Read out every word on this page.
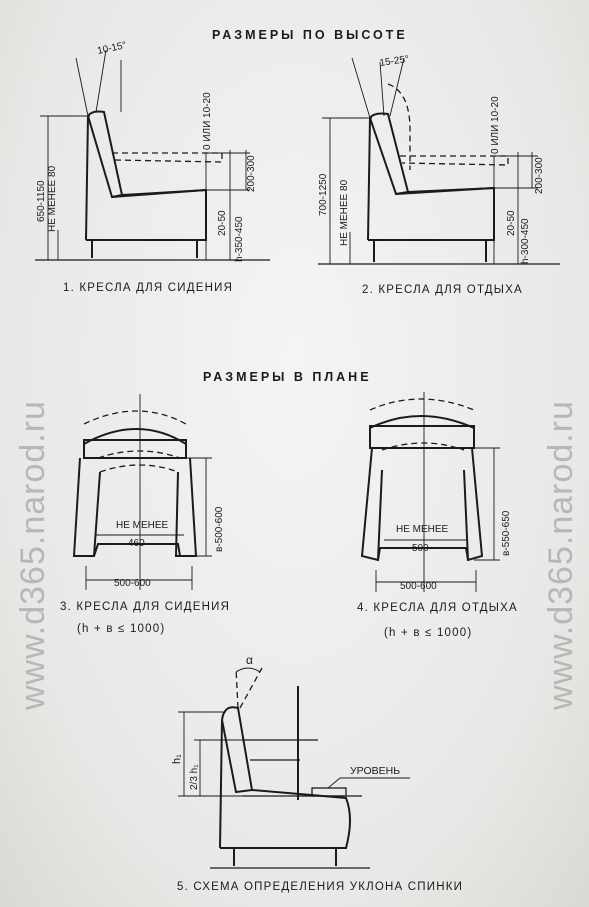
www.d365.narod.ru	www.d365.narod.ru
РАЗМЕРЫ ПО ВЫСОТЕ
РАЗМЕРЫ В ПЛАНЕ
1. КРЕСЛА ДЛЯ СИДЕНИЯ	2. КРЕСЛА ДЛЯ ОТДЫХА
3. КРЕСЛА ДЛЯ СИДЕНИЯ
(h + в ≤ 1000)
4. КРЕСЛА ДЛЯ ОТДЫХА
(h + в ≤ 1000)
5. СХЕМА ОПРЕДЕЛЕНИЯ УКЛОНА СПИНКИ
10-15°
650-1150 НЕ МЕНЕЕ 80
0 ИЛИ 10-20
200-300
20-50 h-350-450
15-25°
700-1250 НЕ МЕНЕЕ 80
0 ИЛИ 10-20
200-300
20-50 h-300-450
НЕ МЕНЕЕ
460	в-500-600
500-600
НЕ МЕНЕЕ
500	в-550-650
500-600
α
h₁
2/3 h₁	УРОВЕНЬ
